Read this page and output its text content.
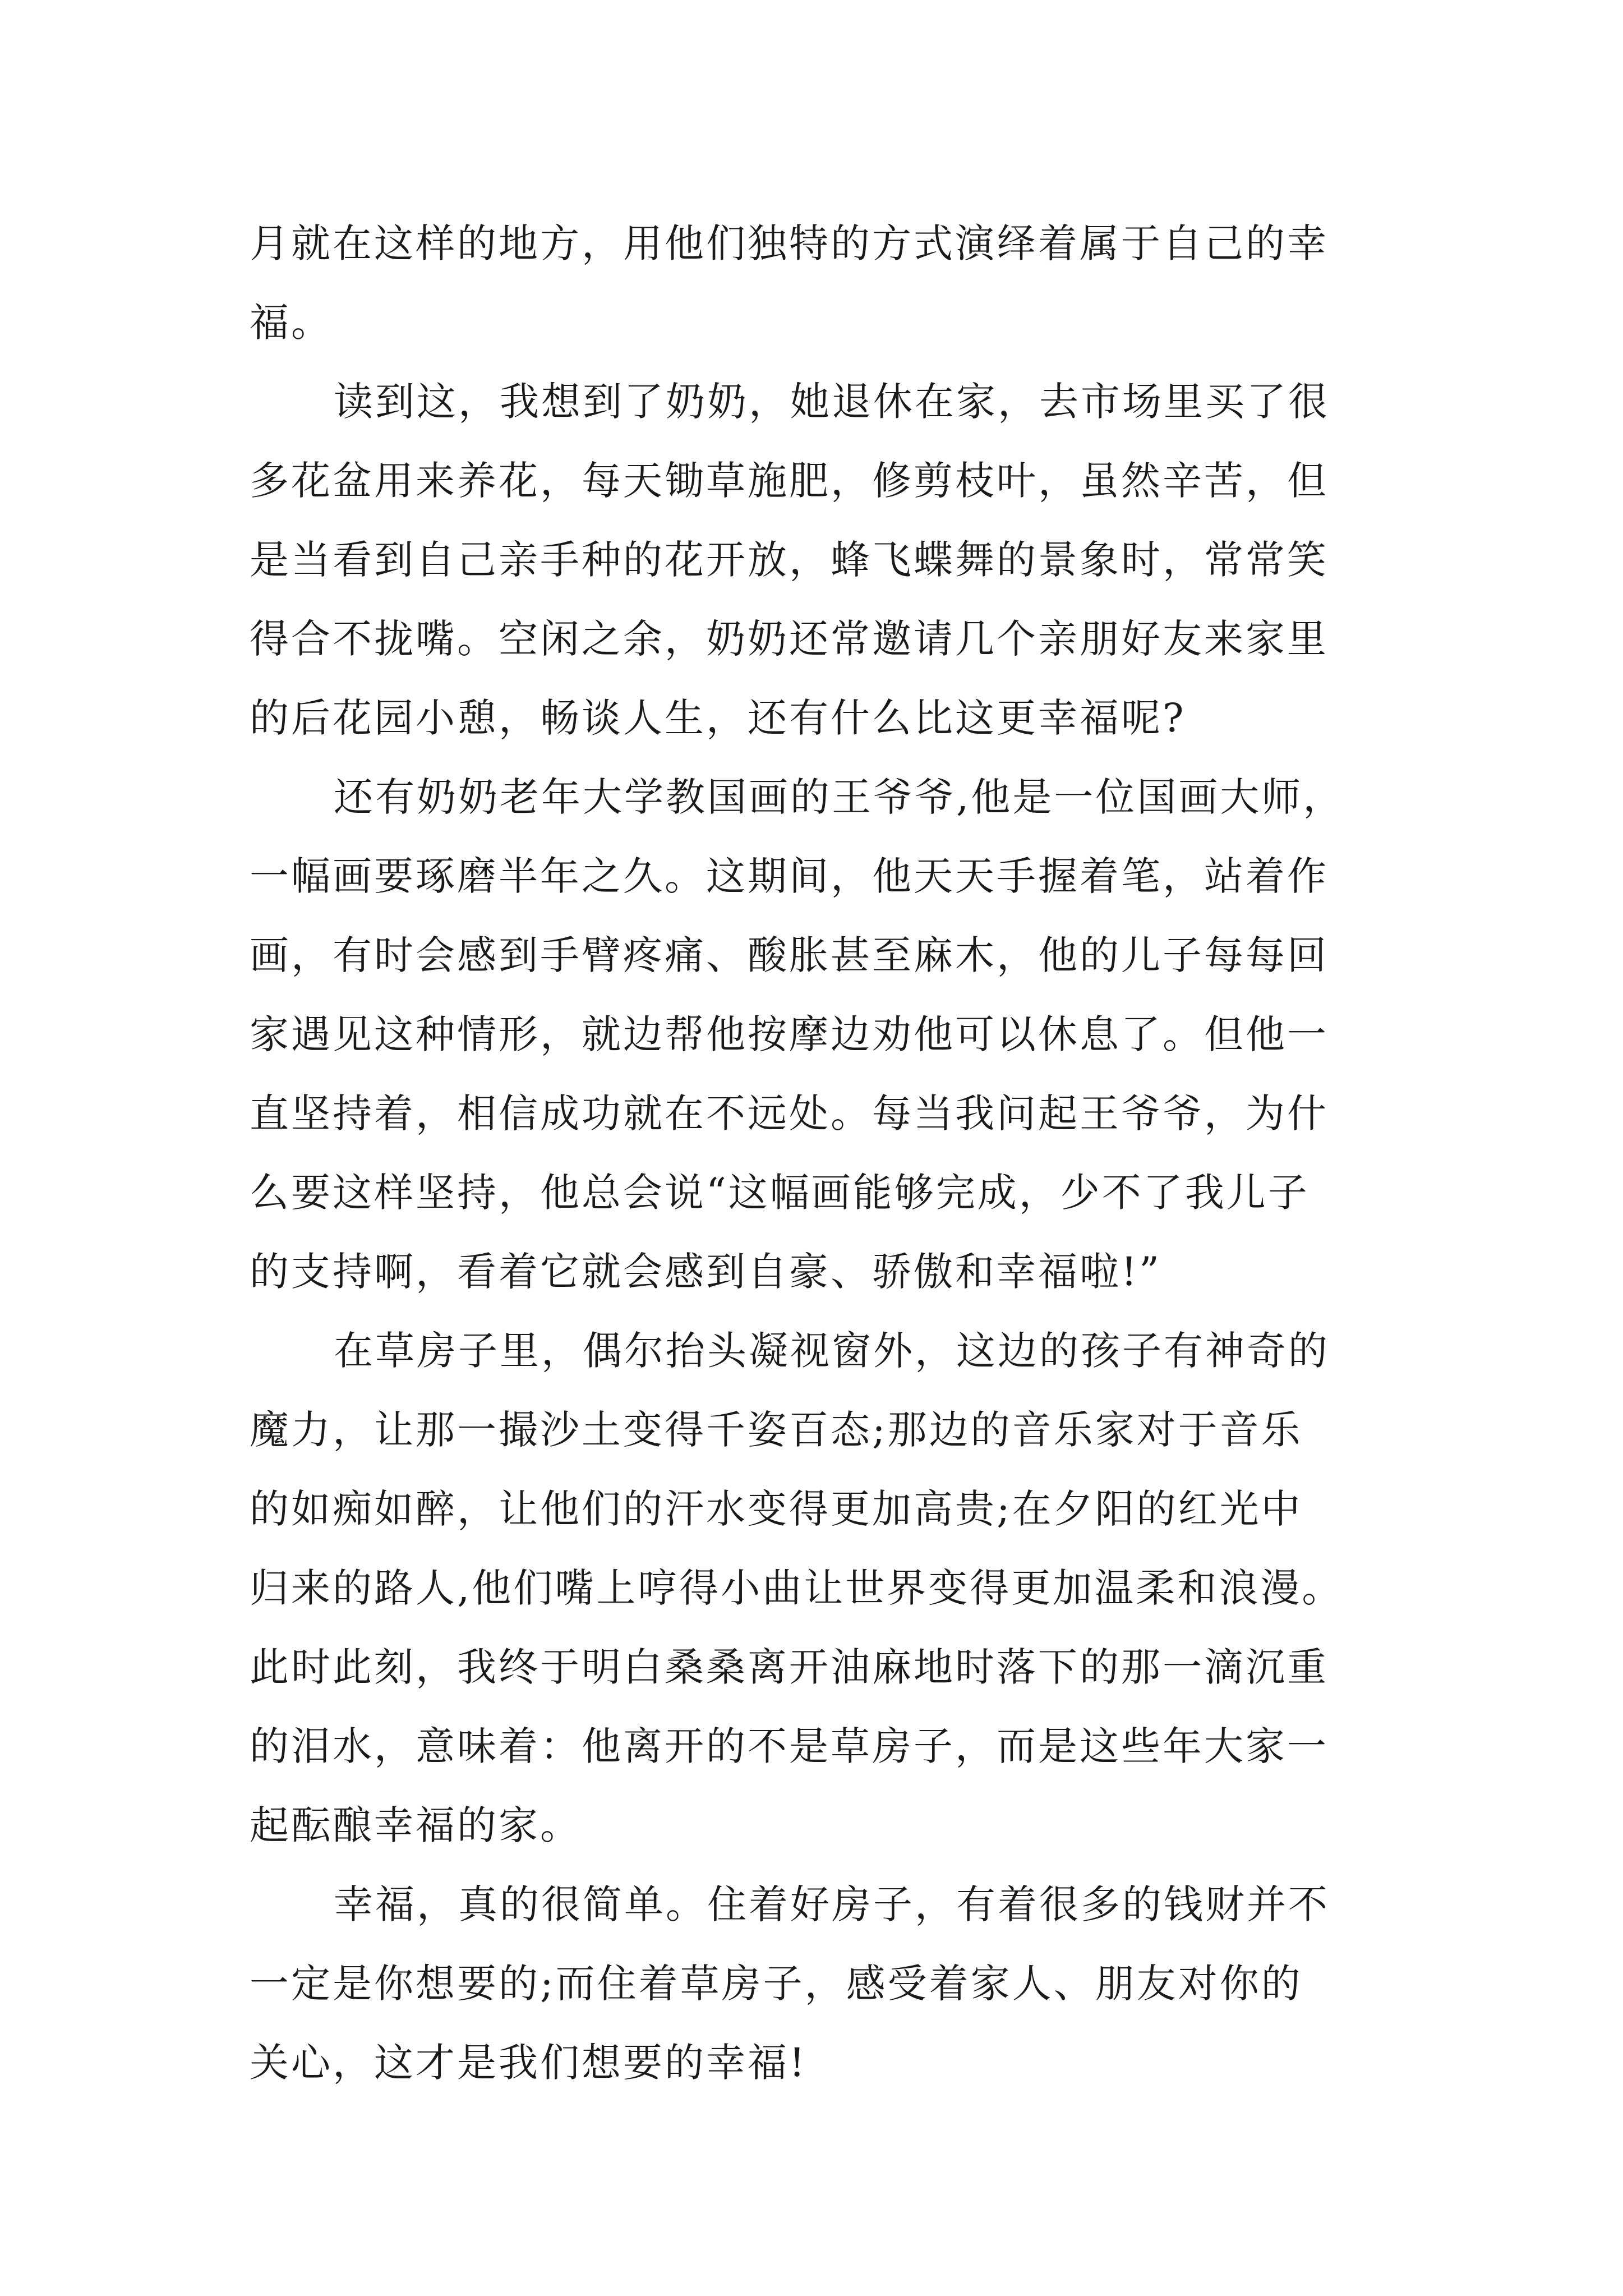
月就在这样的地方，用他们独特的方式演绎着属于自己的幸
福。
读到这，我想到了奶奶，她退休在家，去市场里买了很
多花盆用来养花，每天锄草施肥，修剪枝叶，虽然辛苦，但
是当看到自己亲手种的花开放，蜂飞蝶舞的景象时，常常笑
得合不拢嘴。空闲之余，奶奶还常邀请几个亲朋好友来家里
的后花园小憩，畅谈人生，还有什么比这更幸福呢?
还有奶奶老年大学教国画的王爷爷,他是一位国画大师，
一幅画要琢磨半年之久。这期间，他天天手握着笔，站着作
画，有时会感到手臂疼痛、酸胀甚至麻木，他的儿子每每回
家遇见这种情形，就边帮他按摩边劝他可以休息了。但他一
直坚持着，相信成功就在不远处。每当我问起王爷爷，为什
么要这样坚持，他总会说“这幅画能够完成，少不了我儿子
的支持啊，看着它就会感到自豪、骄傲和幸福啦!”
在草房子里，偶尔抬头凝视窗外，这边的孩子有神奇的
魔力，让那一撮沙土变得千姿百态;那边的音乐家对于音乐
的如痴如醉，让他们的汗水变得更加高贵;在夕阳的红光中
归来的路人,他们嘴上哼得小曲让世界变得更加温柔和浪漫。
此时此刻，我终于明白桑桑离开油麻地时落下的那一滴沉重
的泪水，意味着：他离开的不是草房子，而是这些年大家一
起酝酿幸福的家。
幸福，真的很简单。住着好房子，有着很多的钱财并不
一定是你想要的;而住着草房子，感受着家人、朋友对你的
关心，这才是我们想要的幸福!
